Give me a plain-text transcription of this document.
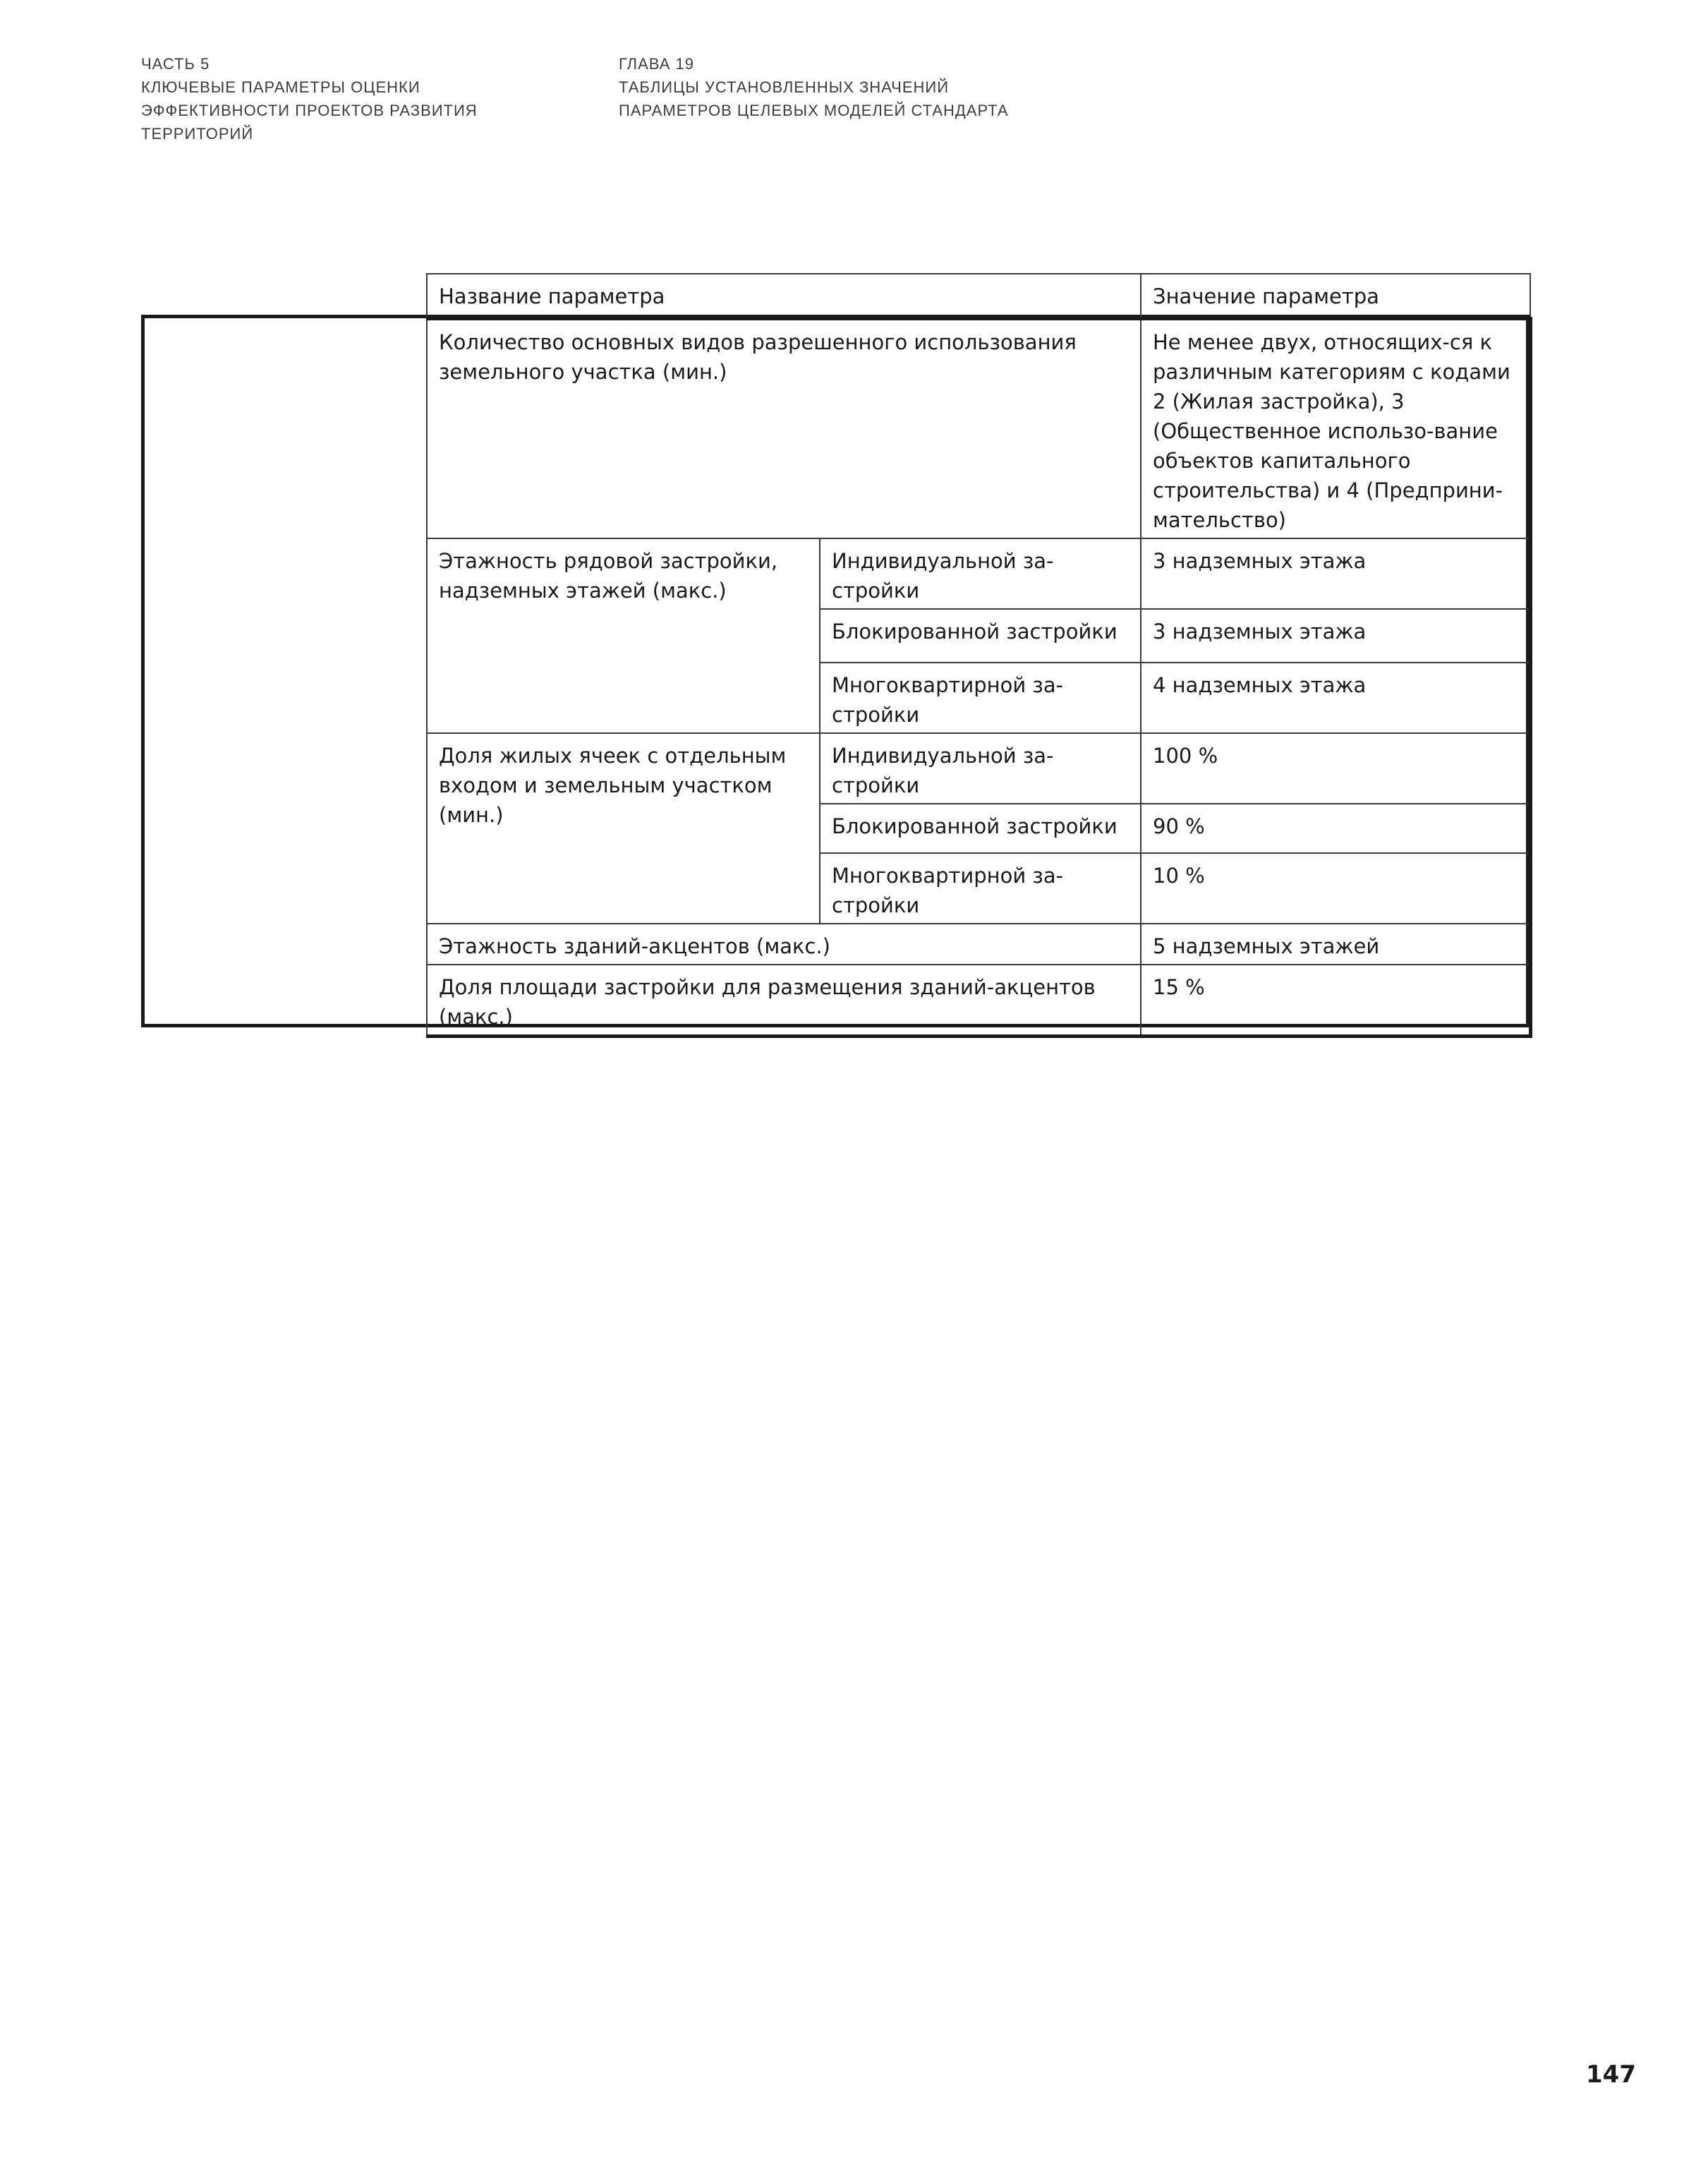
ЧАСТЬ 5
КЛЮЧЕВЫЕ ПАРАМЕТРЫ ОЦЕНКИ
ЭФФЕКТИВНОСТИ ПРОЕКТОВ РАЗВИТИЯ
ТЕРРИТОРИЙ
ГЛАВА 19
ТАБЛИЦЫ УСТАНОВЛЕННЫХ ЗНАЧЕНИЙ
ПАРАМЕТРОВ ЦЕЛЕВЫХ МОДЕЛЕЙ СТАНДАРТА
Название параметра		Значение параметра
Количество основных видов разрешенного использования земельного участка (мин.)		Не менее двух, относящих-ся к различным категориям с кодами 2 (Жилая застройка), 3 (Общественное использо-вание объектов капитального строительства) и 4 (Предприни-мательство)
Этажность рядовой застройки, надземных этажей (макс.)	Индивидуальной за-стройки	3 надземных этажа
	Блокированной застройки	3 надземных этажа
	Многоквартирной за-стройки	4 надземных этажа
Доля жилых ячеек с отдельным входом и земельным участком (мин.)	Индивидуальной за-стройки	100 %
	Блокированной застройки	90 %
	Многоквартирной за-стройки	10 %
Этажность зданий-акцентов (макс.)		5 надземных этажей
Доля площади застройки для размещения зданий-акцентов (макс.)		15 %
147
